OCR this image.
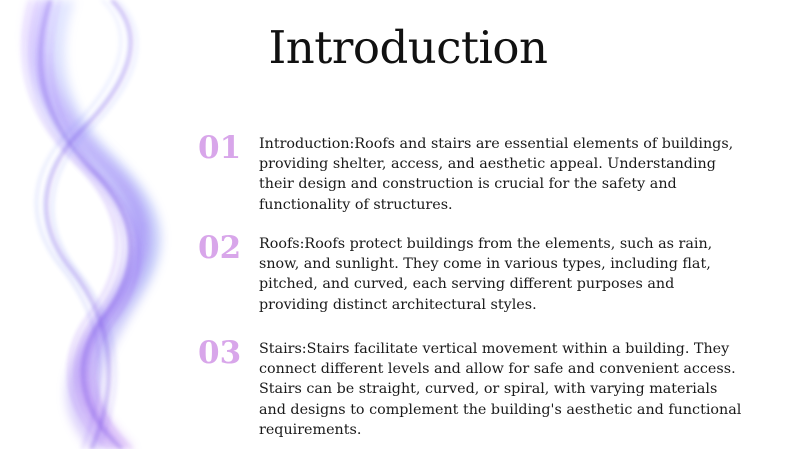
Introduction
01	Introduction:Roofs and stairs are essential elements of buildings, providing shelter, access, and aesthetic appeal. Understanding their design and construction is crucial for the safety and functionality of structures.
02	Roofs:Roofs protect buildings from the elements, such as rain, snow, and sunlight. They come in various types, including flat, pitched, and curved, each serving different purposes and providing distinct architectural styles.
03	Stairs:Stairs facilitate vertical movement within a building. They connect different levels and allow for safe and convenient access. Stairs can be straight, curved, or spiral, with varying materials and designs to complement the building's aesthetic and functional requirements.
